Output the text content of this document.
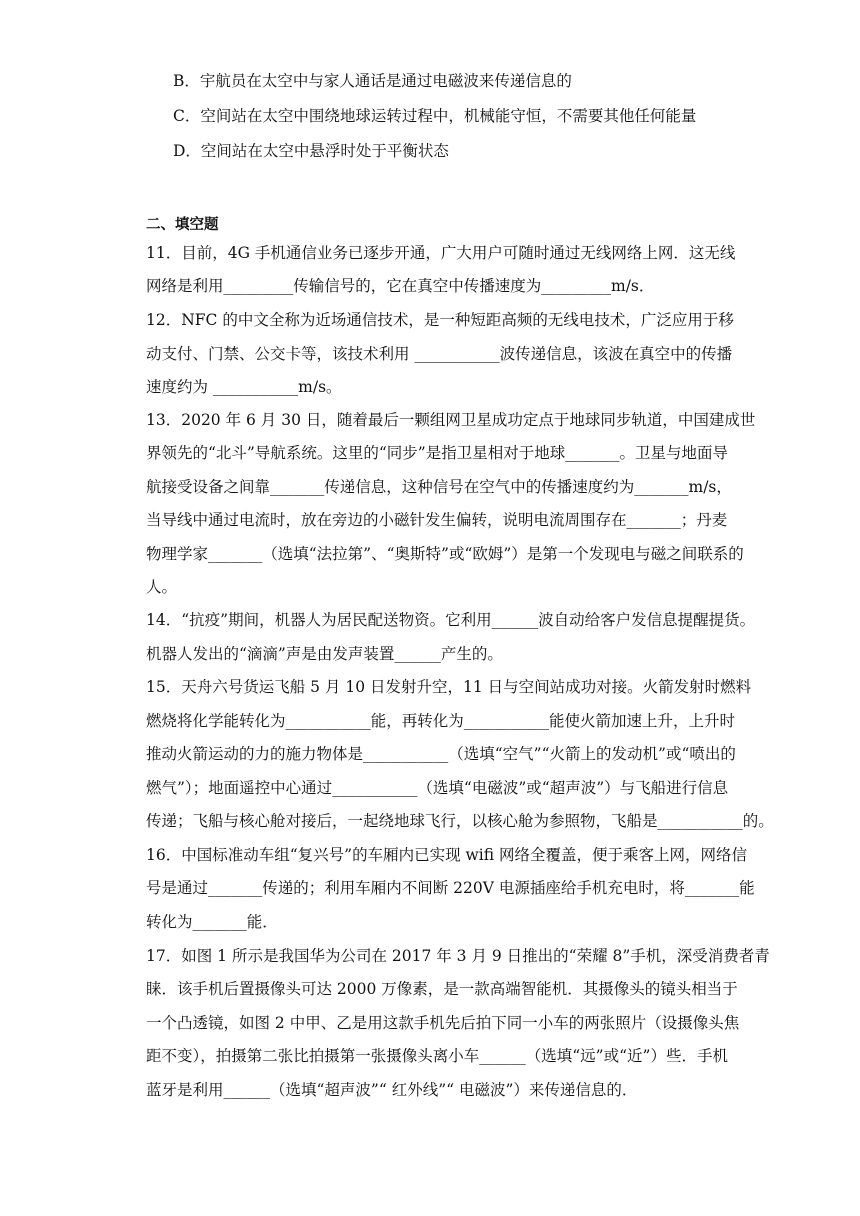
B．宇航员在太空中与家人通话是通过电磁波来传递信息的
C．空间站在太空中围绕地球运转过程中，机械能守恒，不需要其他任何能量
D．空间站在太空中悬浮时处于平衡状态
二、填空题
11．目前，4G 手机通信业务已逐步开通，广大用户可随时通过无线网络上网．这无线
网络是利用_________传输信号的，它在真空中传播速度为_________m/s．
12．NFC 的中文全称为近场通信技术，是一种短距高频的无线电技术，广泛应用于移
动支付、门禁、公交卡等，该技术利用 ___________波传递信息，该波在真空中的传播
速度约为 ___________m/s。
13．2020 年 6 月 30 日，随着最后一颗组网卫星成功定点于地球同步轨道，中国建成世
界领先的“北斗”导航系统。这里的“同步”是指卫星相对于地球_______。卫星与地面导
航接受设备之间靠_______传递信息，这种信号在空气中的传播速度约为_______m/s，
当导线中通过电流时，放在旁边的小磁针发生偏转，说明电流周围存在_______；丹麦
物理学家_______（选填“法拉第”、“奥斯特”或“欧姆”）是第一个发现电与磁之间联系的
人。
14．“抗疫”期间，机器人为居民配送物资。它利用______波自动给客户发信息提醒提货。
机器人发出的“滴滴”声是由发声装置______产生的。
15．天舟六号货运飞船 5 月 10 日发射升空，11 日与空间站成功对接。火箭发射时燃料
燃烧将化学能转化为___________能，再转化为___________能使火箭加速上升，上升时
推动火箭运动的力的施力物体是___________（选填“空气”“火箭上的发动机”或“喷出的
燃气”）；地面遥控中心通过___________（选填“电磁波”或“超声波”）与飞船进行信息
传递；飞船与核心舱对接后，一起绕地球飞行，以核心舱为参照物，飞船是___________的。
16．中国标准动车组“复兴号”的车厢内已实现 wifi 网络全覆盖，便于乘客上网，网络信
号是通过_______传递的；利用车厢内不间断 220V 电源插座给手机充电时，将_______能
转化为_______能．
17．如图 1 所示是我国华为公司在 2017 年 3 月 9 日推出的“荣耀 8”手机，深受消费者青
睐．该手机后置摄像头可达 2000 万像素，是一款高端智能机．其摄像头的镜头相当于
一个凸透镜，如图 2 中甲、乙是用这款手机先后拍下同一小车的两张照片（设摄像头焦
距不变），拍摄第二张比拍摄第一张摄像头离小车______（选填“远”或“近”）些．手机
蓝牙是利用______（选填“超声波”“ 红外线”“ 电磁波”）来传递信息的．
